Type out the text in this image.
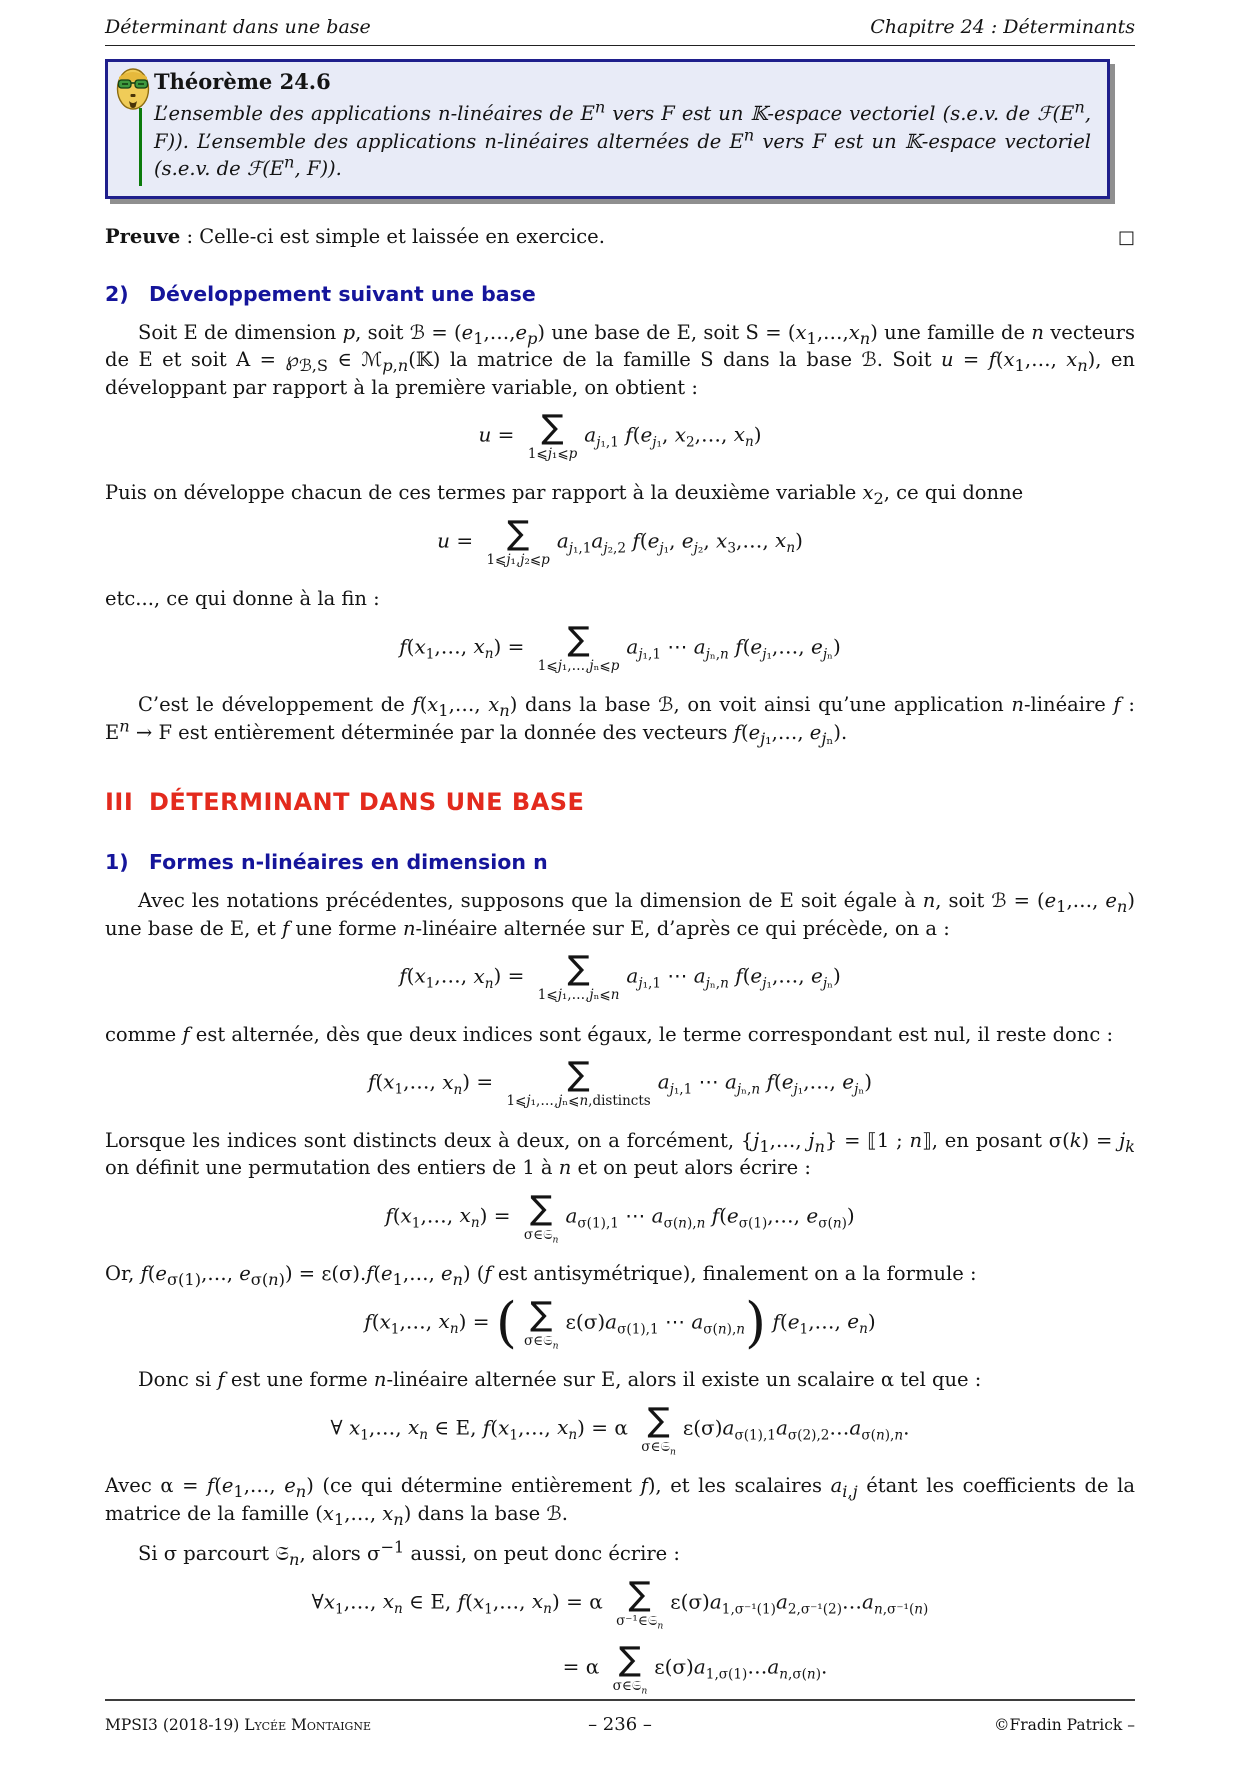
Déterminant dans une base	Chapitre 24 : Déterminants
Théorème 24.6
L’ensemble des applications n-linéaires de $E^n$ vers F est un 𝕂-espace vectoriel (s.e.v. de $ℱ(E^n$, F)). L’ensemble des applications n-linéaires alternées de $E^n$ vers F est un 𝕂-espace vectoriel (s.e.v. de $ℱ(E^n$, F)).
Preuve : Celle-ci est simple et laissée en exercice.	□
2) Développement suivant une base
Soit E de dimension p, soit ℬ = $(e_1,\dots,e_p)$ une base de E, soit $S = (x_1,\dots,x_n)$ une famille de n vecteurs de E et soit $A = ℘_{ℬ,S}$ ∈ ℳ$_{p,n}$(𝕂) la matrice de la famille S dans la base ℬ. Soit $u = f(x_1,\dots$, $x_n$), en développant par rapport à la première variable, on obtient :
u = ∑
1⩽j₁⩽p
$a_{j_1,1}$ $f(e_{j_1}$, $x_2,\dots$, $x_n$)
Puis on développe chacun de ces termes par rapport à la deuxième variable $x_2$, ce qui donne
u = ∑
1⩽j₁,j₂⩽p
$a_{j_1,1}a_{j_2,2}$ $f(e_{j_1}$, $e_{j_2}$, $x_3,\dots$, $x_n$)
etc..., ce qui donne à la fin :
$f(x_1,\dots$, $x_n$) = ∑
1⩽j₁,…,jₙ⩽p
$a_{j_1,1}$ ⋯ $a_{j_n,n}$ $f(e_{j_1},\dots$, $e_{j_n}$)
C’est le développement de $f(x_1,\dots$, $x_n$) dans la base ℬ, on voit ainsi qu’une application n-linéaire f : $E^n \to F$ est entièrement déterminée par la donnée des vecteurs $f(e_{j_1},\dots$, $e_{j_n}$).
III DÉTERMINANT DANS UNE BASE
1) Formes n-linéaires en dimension n
Avec les notations précédentes, supposons que la dimension de E soit égale à n, soit ℬ = ($e_1,\dots$, $e_n$) une base de E, et f une forme n-linéaire alternée sur E, d’après ce qui précède, on a :
$f(x_1,\dots$, $x_n$) = ∑
1⩽j₁,…,jₙ⩽n
$a_{j_1,1}$ ⋯ $a_{j_n,n}$ $f(e_{j_1},\dots$, $e_{j_n}$)
comme f est alternée, dès que deux indices sont égaux, le terme correspondant est nul, il reste donc :
$f(x_1,\dots$, $x_n$) = ∑
1⩽j₁,…,jₙ⩽n,distincts
$a_{j_1,1}$ ⋯ $a_{j_n,n}$ $f(e_{j_1},\dots$, $e_{j_n}$)
Lorsque les indices sont distincts deux à deux, on a forcément, {$j_1,\dots$, $j_n$} = ⟦1 ; n⟧, en posant $\sigma(k) = j_k$ on définit une permutation des entiers de 1 à n et on peut alors écrire :
$f(x_1,\dots$, $x_n$) = ∑
σ∈𝔖$_n$
$a_{\sigma(1),1}$ ⋯ $a_{\sigma(n),n}$ $f(e_{\sigma(1)},\dots$, $e_{\sigma(n)}$)
Or, $f(e_{\sigma(1)},\dots$, $e_{\sigma(n)}$) = $\varepsilon(\sigma).f(e_1,\dots$, $e_n$) (f est antisymétrique), finalement on a la formule :
$f(x_1,\dots$, $x_n$) = ( ∑
σ∈𝔖$_n$
$\varepsilon(\sigma)a_{\sigma(1),1}$ ⋯ $a_{\sigma(n),n}$) $f(e_1,\dots$, $e_n$)
Donc si f est une forme n-linéaire alternée sur E, alors il existe un scalaire α tel que :
∀ $x_1,\dots$, $x_n$ ∈ E, $f(x_1,\dots$, $x_n) = \alpha$ ∑
σ∈𝔖$_n$
$\varepsilon(\sigma)a_{\sigma(1),1}a_{\sigma(2),2}\dots a_{\sigma(n),n}$.
Avec $\alpha = f(e_1,\dots$, $e_n$) (ce qui détermine entièrement f), et les scalaires $a_{i,j}$ étant les coefficients de la matrice de la famille ($x_1,\dots$, $x_n$) dans la base ℬ.
Si σ parcourt 𝔖$_n$, alors $\sigma^{-1}$ aussi, on peut donc écrire :
$\forall x_1,\dots$, $x_n$ ∈ E, $f(x_1,\dots$, $x_n) = \alpha$ ∑
σ⁻¹∈𝔖$_n$
$\varepsilon(\sigma)a_{1,\sigma^{-1}(1)}a_{2,\sigma^{-1}(2)}\dots a_{n,\sigma^{-1}(n)}$
= α ∑
σ∈𝔖$_n$
$\varepsilon(\sigma)a_{1,\sigma(1)}\dots a_{n,\sigma(n)}$.
MPSI3 (2018-19) Lycée Montaigne	– 236 –	©Fradin Patrick –
